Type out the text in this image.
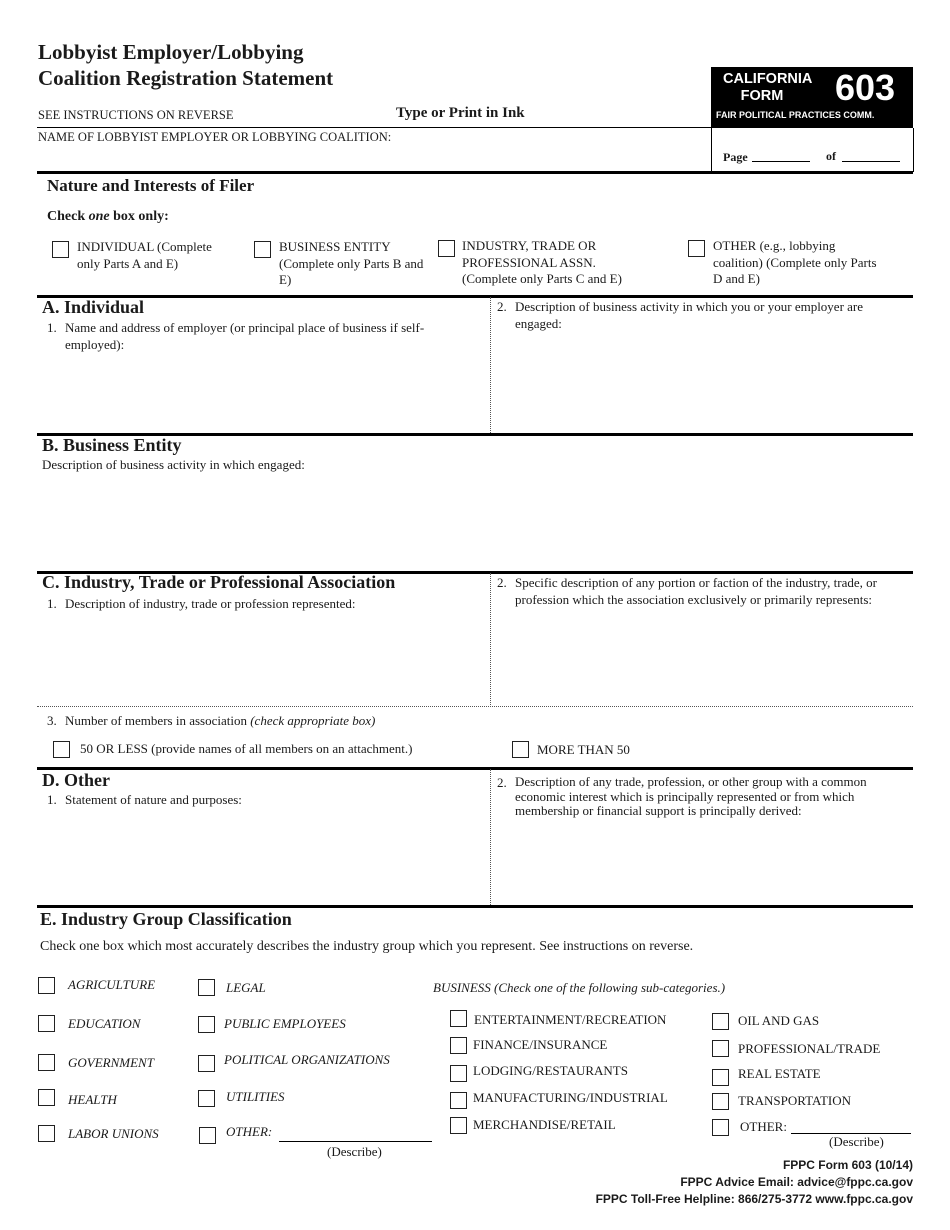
Lobbyist Employer/Lobbying
Coalition Registration Statement
SEE INSTRUCTIONS ON REVERSE	Type or Print in Ink
CALIFORNIA
FORM	603
FAIR POLITICAL PRACTICES COMM.
NAME OF LOBBYIST EMPLOYER OR LOBBYING COALITION:
Page	of
Nature and Interests of Filer
Check one box only:
INDIVIDUAL (Complete only Parts A and E)
BUSINESS ENTITY (Complete only Parts B and E)
INDUSTRY, TRADE OR PROFESSIONAL ASSN. (Complete only Parts C and E)
OTHER (e.g., lobbying coalition) (Complete only Parts D and E)
A. Individual
1. Name and address of employer (or principal place of business if self-employed):
2. Description of business activity in which you or your employer are engaged:
B. Business Entity
Description of business activity in which engaged:
C. Industry, Trade or Professional Association
1. Description of industry, trade or profession represented:
2. Specific description of any portion or faction of the industry, trade, or profession which the association exclusively or primarily represents:
3. Number of members in association (check appropriate box)
50 OR LESS (provide names of all members on an attachment.)	MORE THAN 50
D. Other
1. Statement of nature and purposes:
2. Description of any trade, profession, or other group with a common economic interest which is principally represented or from which membership or financial support is principally derived:
E. Industry Group Classification
Check one box which most accurately describes the industry group which you represent. See instructions on reverse.
AGRICULTURE
EDUCATION
GOVERNMENT
HEALTH
LABOR UNIONS
LEGAL
PUBLIC EMPLOYEES
POLITICAL ORGANIZATIONS
UTILITIES
OTHER:
(Describe)
BUSINESS (Check one of the following sub-categories.)
ENTERTAINMENT/RECREATION
FINANCE/INSURANCE
LODGING/RESTAURANTS
MANUFACTURING/INDUSTRIAL
MERCHANDISE/RETAIL
OIL AND GAS
PROFESSIONAL/TRADE
REAL ESTATE
TRANSPORTATION
OTHER:
(Describe)
FPPC Form 603 (10/14)
FPPC Advice Email: advice@fppc.ca.gov
FPPC Toll-Free Helpline: 866/275-3772 www.fppc.ca.gov
